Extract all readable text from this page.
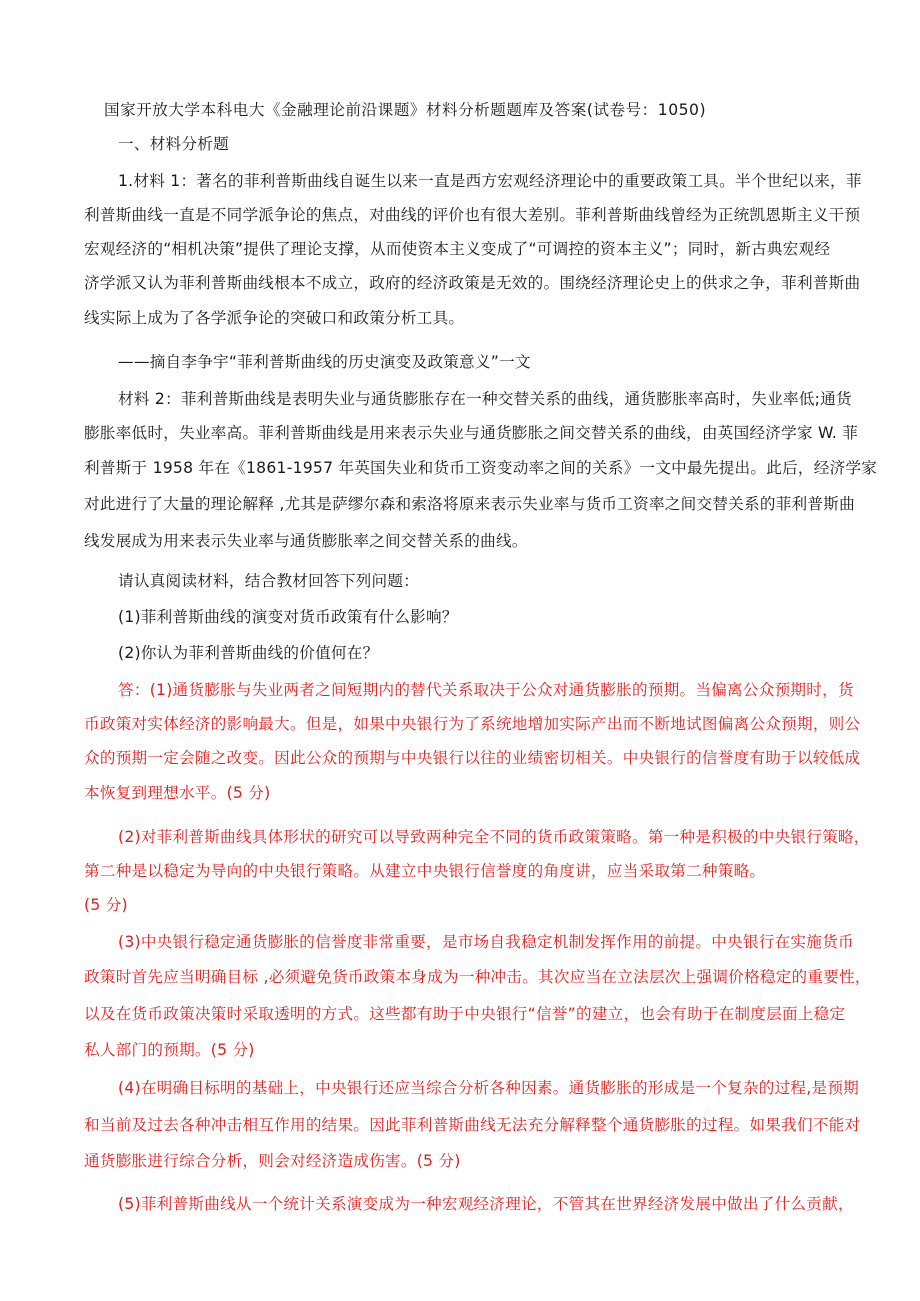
国家开放大学本科电大《金融理论前沿课题》材料分析题题库及答案(试卷号：1050)
一、材料分析题
1.材料 1：著名的菲利普斯曲线自诞生以来一直是西方宏观经济理论中的重要政策工具。半个世纪以来，菲
利普斯曲线一直是不同学派争论的焦点，对曲线的评价也有很大差别。菲利普斯曲线曾经为正统凯恩斯主义干预
宏观经济的“相机决策”提供了理论支撑，从而使资本主义变成了“可调控的资本主义”；同时，新古典宏观经
济学派又认为菲利普斯曲线根本不成立，政府的经济政策是无效的。围绕经济理论史上的供求之争，菲利普斯曲
线实际上成为了各学派争论的突破口和政策分析工具。
——摘自李争宇“菲利普斯曲线的历史演变及政策意义”一文
材料 2：菲利普斯曲线是表明失业与通货膨胀存在一种交替关系的曲线，通货膨胀率高时，失业率低;通货
膨胀率低时，失业率高。菲利普斯曲线是用来表示失业与通货膨胀之间交替关系的曲线，由英国经济学家 W. 菲
利普斯于 1958 年在《1861-1957 年英国失业和货币工资变动率之间的关系》一文中最先提出。此后，经济学家
对此进行了大量的理论解释 ,尤其是萨缪尔森和索洛将原来表示失业率与货币工资率之间交替关系的菲利普斯曲
线发展成为用来表示失业率与通货膨胀率之间交替关系的曲线。
请认真阅读材料，结合教材回答下列问题：
(1)菲利普斯曲线的演变对货币政策有什么影响？
(2)你认为菲利普斯曲线的价值何在？
答：(1)通货膨胀与失业两者之间短期内的替代关系取决于公众对通货膨胀的预期。当偏离公众预期时，货
币政策对实体经济的影响最大。但是，如果中央银行为了系统地增加实际产出而不断地试图偏离公众预期，则公
众的预期一定会随之改变。因此公众的预期与中央银行以往的业绩密切相关。中央银行的信誉度有助于以较低成
本恢复到理想水平。(5 分)
(2)对菲利普斯曲线具体形状的研究可以导致两种完全不同的货币政策策略。第一种是积极的中央银行策略，
第二种是以稳定为导向的中央银行策略。从建立中央银行信誉度的角度讲，应当采取第二种策略。
(5 分)
(3)中央银行稳定通货膨胀的信誉度非常重要，是市场自我稳定机制发挥作用的前提。中央银行在实施货币
政策时首先应当明确目标 ,必须避免货币政策本身成为一种冲击。其次应当在立法层次上强调价格稳定的重要性，
以及在货币政策决策时采取透明的方式。这些都有助于中央银行“信誉”的建立，也会有助于在制度层面上稳定
私人部门的预期。(5 分)
(4)在明确目标明的基础上，中央银行还应当综合分析各种因素。通货膨胀的形成是一个复杂的过程,是预期
和当前及过去各种冲击相互作用的结果。因此菲利普斯曲线无法充分解释整个通货膨胀的过程。如果我们不能对
通货膨胀进行综合分析，则会对经济造成伤害。(5 分)
(5)菲利普斯曲线从一个统计关系演变成为一种宏观经济理论，不管其在世界经济发展中做出了什么贡献，
